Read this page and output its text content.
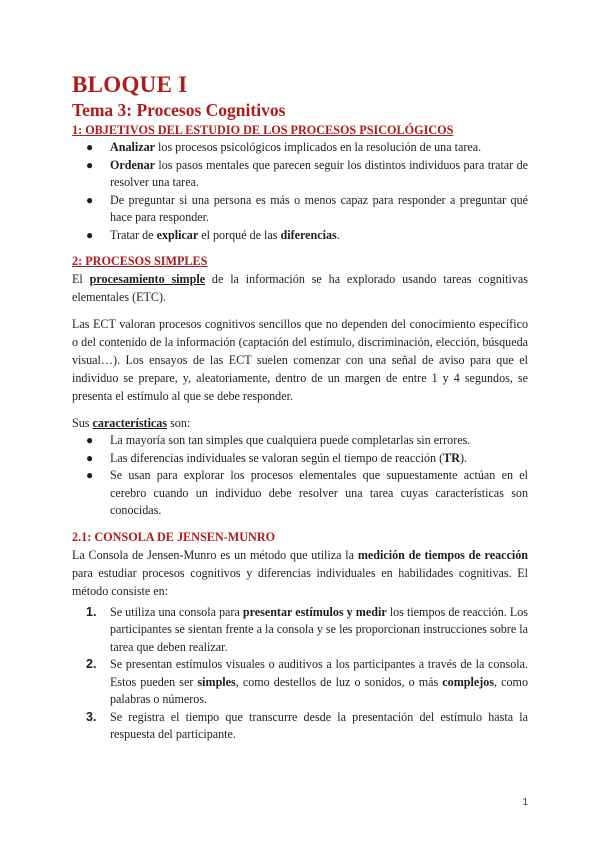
BLOQUE I
Tema 3: Procesos Cognitivos
1: OBJETIVOS DEL ESTUDIO DE LOS PROCESOS PSICOLÓGICOS
● Analizar los procesos psicológicos implicados en la resolución de una tarea.
● Ordenar los pasos mentales que parecen seguir los distintos individuos para tratar de resolver una tarea.
● De preguntar si una persona es más o menos capaz para responder a preguntar qué hace para responder.
● Tratar de explicar el porqué de las diferencias.
2: PROCESOS SIMPLES

El procesamiento simple de la información se ha explorado usando tareas cognitivas elementales (ETC).

Las ECT valoran procesos cognitivos sencillos que no dependen del conocimiento específico o del contenido de la información (captación del estímulo, discriminación, elección, búsqueda visual…). Los ensayos de las ECT suelen comenzar con una señal de aviso para que el individuo se prepare, y, aleatoriamente, dentro de un margen de entre 1 y 4 segundos, se presenta el estímulo al que se debe responder.

Sus características son:

● La mayoría son tan simples que cualquiera puede completarlas sin errores.
● Las diferencias individuales se valoran según el tiempo de reacción (TR).
● Se usan para explorar los procesos elementales que supuestamente actúan en el cerebro cuando un individuo debe resolver una tarea cuyas características son conocidas.
2.1: CONSOLA DE JENSEN-MUNRO

La Consola de Jensen-Munro es un método que utiliza la medición de tiempos de reacción para estudiar procesos cognitivos y diferencias individuales en habilidades cognitivas. El método consiste en:

1. Se utiliza una consola para presentar estímulos y medir los tiempos de reacción. Los participantes se sientan frente a la consola y se les proporcionan instrucciones sobre la tarea que deben realizar.
2. Se presentan estímulos visuales o auditivos a los participantes a través de la consola. Estos pueden ser simples, como destellos de luz o sonidos, o más complejos, como palabras o números.
3. Se registra el tiempo que transcurre desde la presentación del estímulo hasta la respuesta del participante.
1
